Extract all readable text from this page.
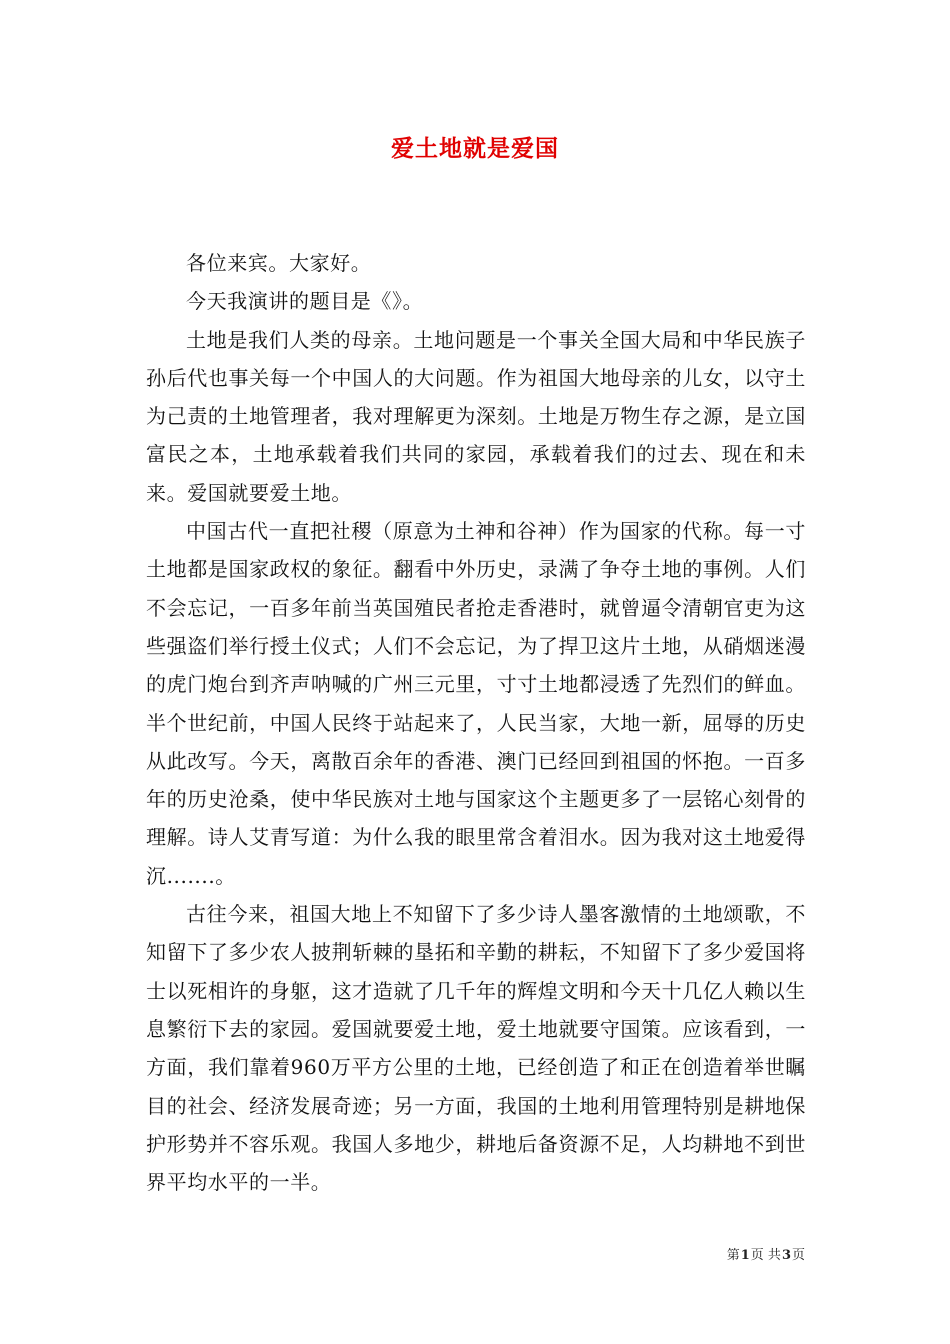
爱土地就是爱国

各位来宾。大家好。

今天我演讲的题目是《》。

土地是我们人类的母亲。土地问题是一个事关全国大局和中华民族子孙后代也事关每一个中国人的大问题。作为祖国大地母亲的儿女，以守土为己责的土地管理者，我对理解更为深刻。土地是万物生存之源，是立国富民之本，土地承载着我们共同的家园，承载着我们的过去、现在和未来。爱国就要爱土地。

中国古代一直把社稷（原意为土神和谷神）作为国家的代称。每一寸土地都是国家政权的象征。翻看中外历史，录满了争夺土地的事例。人们不会忘记，一百多年前当英国殖民者抢走香港时，就曾逼令清朝官吏为这些强盗们举行授土仪式；人们不会忘记，为了捍卫这片土地，从硝烟迷漫的虎门炮台到齐声呐喊的广州三元里，寸寸土地都浸透了先烈们的鲜血。半个世纪前，中国人民终于站起来了，人民当家，大地一新，屈辱的历史从此改写。今天，离散百余年的香港、澳门已经回到祖国的怀抱。一百多年的历史沧桑，使中华民族对土地与国家这个主题更多了一层铭心刻骨的理解。诗人艾青写道：为什么我的眼里常含着泪水。因为我对这土地爱得沉.......。

古往今来，祖国大地上不知留下了多少诗人墨客激情的土地颂歌，不知留下了多少农人披荆斩棘的垦拓和辛勤的耕耘，不知留下了多少爱国将士以死相许的身躯，这才造就了几千年的辉煌文明和今天十几亿人赖以生息繁衍下去的家园。爱国就要爱土地，爱土地就要守国策。应该看到，一方面，我们靠着960万平方公里的土地，已经创造了和正在创造着举世瞩目的社会、经济发展奇迹；另一方面，我国的土地利用管理特别是耕地保护形势并不容乐观。我国人多地少，耕地后备资源不足，人均耕地不到世界平均水平的一半。

第1页 共3页
